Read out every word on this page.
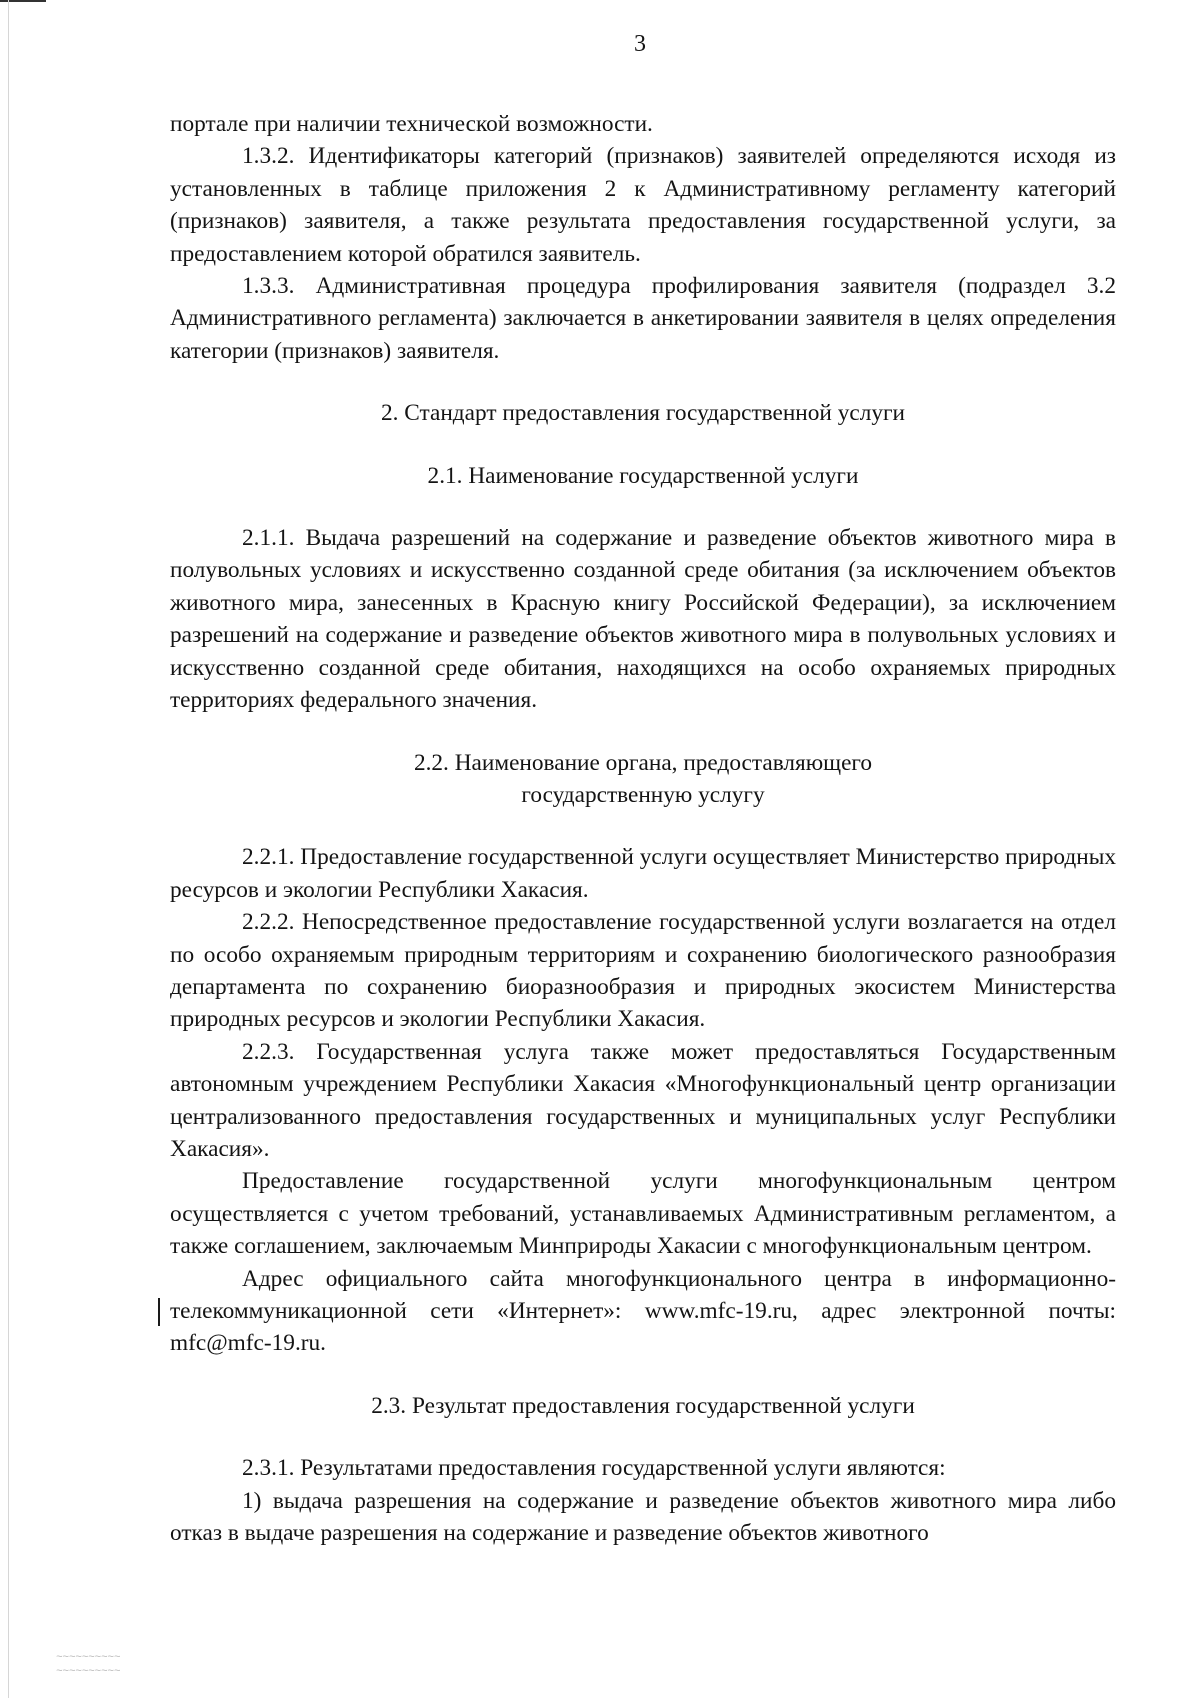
3

портале при наличии технической возможности.

1.3.2. Идентификаторы категорий (признаков) заявителей определяются исходя из установленных в таблице приложения 2 к Административному регламенту категорий (признаков) заявителя, а также результата предоставления государственной услуги, за предоставлением которой обратился заявитель.

1.3.3. Административная процедура профилирования заявителя (подраздел 3.2 Административного регламента) заключается в анкетировании заявителя в целях определения категории (признаков) заявителя.

2. Стандарт предоставления государственной услуги

2.1. Наименование государственной услуги

2.1.1. Выдача разрешений на содержание и разведение объектов животного мира в полувольных условиях и искусственно созданной среде обитания (за исключением объектов животного мира, занесенных в Красную книгу Российской Федерации), за исключением разрешений на содержание и разведение объектов животного мира в полувольных условиях и искусственно созданной среде обитания, находящихся на особо охраняемых природных территориях федерального значения.

2.2. Наименование органа, предоставляющего

государственную услугу

2.2.1. Предоставление государственной услуги осуществляет Министерство природных ресурсов и экологии Республики Хакасия.

2.2.2. Непосредственное предоставление государственной услуги возлагается на отдел по особо охраняемым природным территориям и сохранению биологического разнообразия департамента по сохранению биоразнообразия и природных экосистем Министерства природных ресурсов и экологии Республики Хакасия.

2.2.3. Государственная услуга также может предоставляться Государственным автономным учреждением Республики Хакасия «Многофункциональный центр организации централизованного предоставления государственных и муниципальных услуг Республики Хакасия».

Предоставление государственной услуги многофункциональным центром осуществляется с учетом требований, устанавливаемых Административным регламентом, а также соглашением, заключаемым Минприроды Хакасии с многофункциональным центром.

Адрес официального сайта многофункционального центра в информационно-телекоммуникационной сети «Интернет»: www.mfc-19.ru, адрес электронной почты: mfc@mfc-19.ru.

2.3. Результат предоставления государственной услуги

2.3.1. Результатами предоставления государственной услуги являются:

1) выдача разрешения на содержание и разведение объектов животного мира либо отказ в выдаче разрешения на содержание и разведение объектов животного

~~~~~~~~~~
~~~~~~~~~~
